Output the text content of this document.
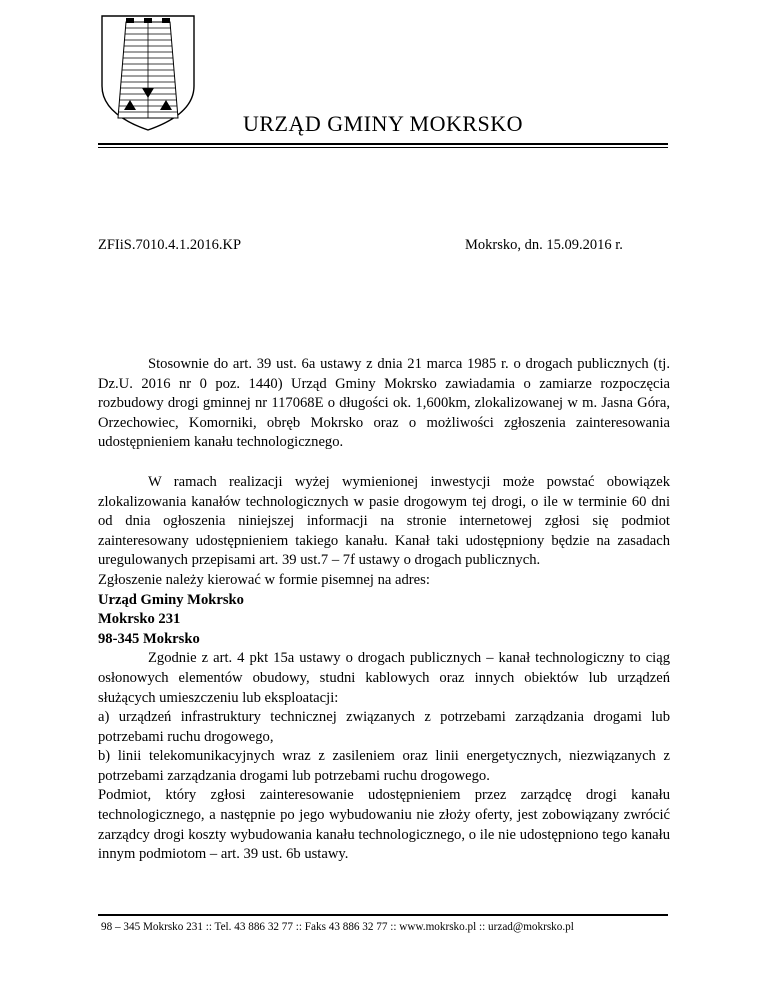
URZĄD GMINY MOKRSKO
ZFIiS.7010.4.1.2016.KP	Mokrsko, dn. 15.09.2016 r.

Stosownie do art. 39 ust. 6a ustawy z dnia 21 marca 1985 r. o drogach publicznych (tj. Dz.U. 2016 nr 0 poz. 1440) Urząd Gminy Mokrsko zawiadamia o zamiarze rozpoczęcia rozbudowy drogi gminnej nr 117068E o długości ok. 1,600km, zlokalizowanej w m. Jasna Góra, Orzechowiec, Komorniki, obręb Mokrsko oraz o możliwości zgłoszenia zainteresowania udostępnieniem kanału technologicznego.

W ramach realizacji wyżej wymienionej inwestycji może powstać obowiązek zlokalizowania kanałów technologicznych w pasie drogowym tej drogi, o ile w terminie 60 dni od dnia ogłoszenia niniejszej informacji na stronie internetowej zgłosi się podmiot zainteresowany udostępnieniem takiego kanału. Kanał taki udostępniony będzie na zasadach uregulowanych przepisami art. 39 ust.7 – 7f ustawy o drogach publicznych.

Zgłoszenie należy kierować w formie pisemnej na adres:

Urząd Gminy Mokrsko

Mokrsko 231

98-345 Mokrsko

Zgodnie z art. 4 pkt 15a ustawy o drogach publicznych – kanał technologiczny to ciąg osłonowych elementów obudowy, studni kablowych oraz innych obiektów lub urządzeń służących umieszczeniu lub eksploatacji:

a) urządzeń infrastruktury technicznej związanych z potrzebami zarządzania drogami lub potrzebami ruchu drogowego,

b) linii telekomunikacyjnych wraz z zasileniem oraz linii energetycznych, niezwiązanych z potrzebami zarządzania drogami lub potrzebami ruchu drogowego.

Podmiot, który zgłosi zainteresowanie udostępnieniem przez zarządcę drogi kanału technologicznego, a następnie po jego wybudowaniu nie złoży oferty, jest zobowiązany zwrócić zarządcy drogi koszty wybudowania kanału technologicznego, o ile nie udostępniono tego kanału innym podmiotom – art. 39 ust. 6b ustawy.

98 – 345 Mokrsko 231 :: Tel. 43 886 32 77 :: Faks 43 886 32 77 :: www.mokrsko.pl :: urzad@mokrsko.pl
